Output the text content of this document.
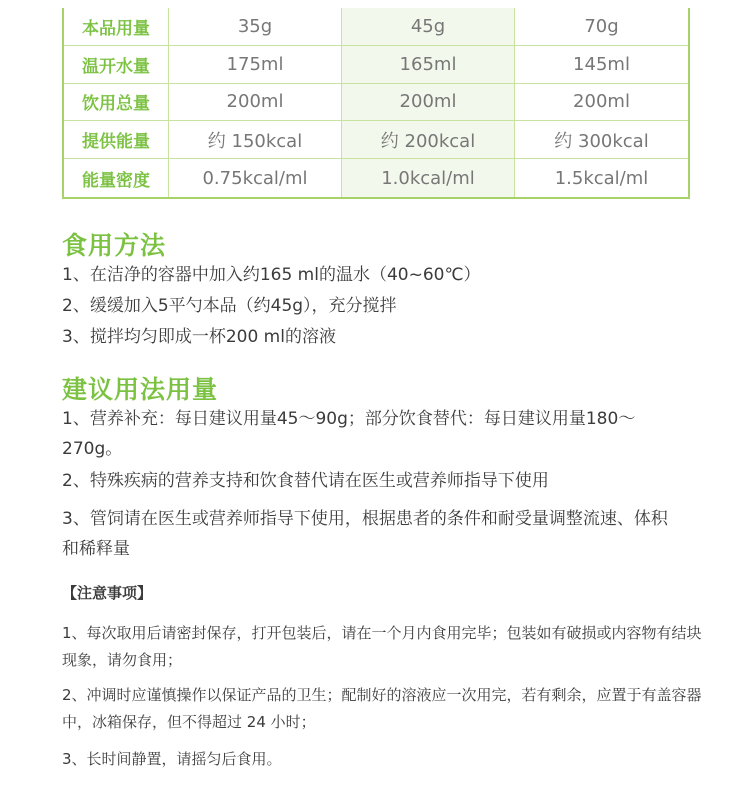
本品用量	35g	45g	70g
温开水量	175ml	165ml	145ml
饮用总量	200ml	200ml	200ml
提供能量	约 150kcal	约 200kcal	约 300kcal
能量密度	0.75kcal/ml	1.0kcal/ml	1.5kcal/ml
食用方法
1、在洁净的容器中加入约165 ml的温水（40~60℃）
2、缓缓加入5平勺本品（约45g），充分搅拌
3、搅拌均匀即成一杯200 ml的溶液
建议用法用量
1、营养补充：每日建议用量45～90g；部分饮食替代：每日建议用量180～270g。
2、特殊疾病的营养支持和饮食替代请在医生或营养师指导下使用
3、管饲请在医生或营养师指导下使用，根据患者的条件和耐受量调整流速、体积和稀释量
【注意事项】
1、每次取用后请密封保存，打开包装后，请在一个月内食用完毕；包装如有破损或内容物有结块现象，请勿食用；
2、冲调时应谨慎操作以保证产品的卫生；配制好的溶液应一次用完，若有剩余，应置于有盖容器中，冰箱保存，但不得超过 24 小时；
3、长时间静置，请摇匀后食用。
